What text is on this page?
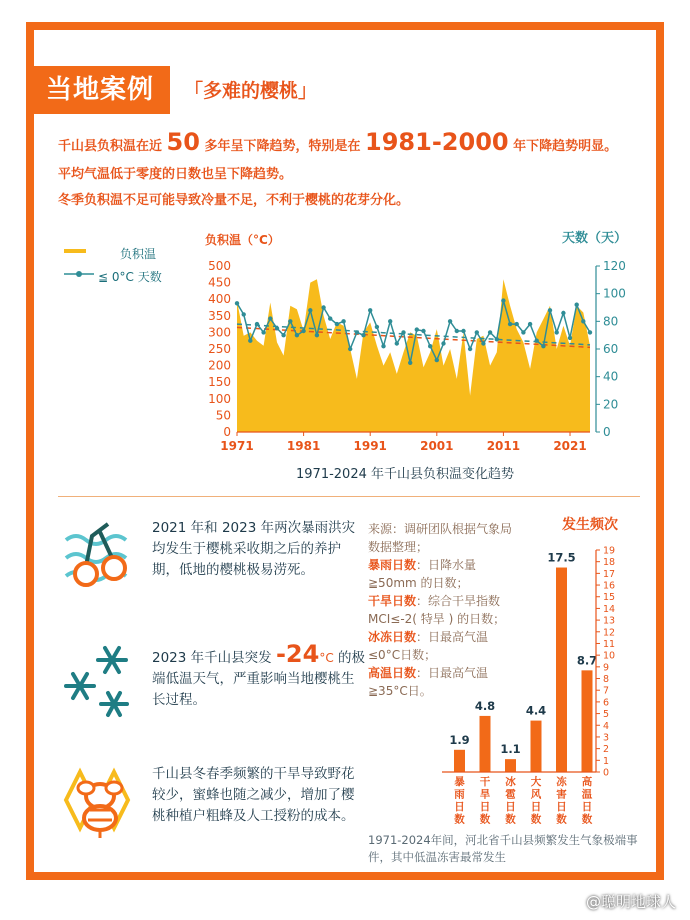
当地案例	「多难的樱桃」
千山县负积温在近 50 多年呈下降趋势，特别是在 1981-2000 年下降趋势明显。
平均气温低于零度的日数也呈下降趋势。
冬季负积温不足可能导致冷量不足，不利于樱桃的花芽分化。
负积温
≦ 0°C 天数
负积温（°C）	天数（天）
0
50
100
150
200
250
300
350
400
450
500
0
20
40
60
80
100
120
1971	1981	1991	2001	2011	2021
1971-2024 年千山县负积温变化趋势
2021 年和 2023 年两次暴雨洪灾均发生于樱桃采收期之后的养护期，低地的樱桃极易涝死。
2023 年千山县突发 -24°C 的极端低温天气，严重影响当地樱桃生长过程。
千山县冬春季频繁的干旱导致野花较少，蜜蜂也随之减少，增加了樱桃种植户粗蜂及人工授粉的成本。
来源：调研团队根据气象局数据整理；
暴雨日数：日降水量≧50mm 的日数；
干旱日数：综合干旱指数 MCI≤-2( 特旱 ) 的日数；
冰冻日数：日最高气温≤0°C日数；
高温日数：日最高气温≧35°C日。
发生频次
1.9
暴
雨
日
数
4.8
干
旱
日
数
1.1
冰
雹
日
数
4.4
大
风
日
数
17.5
冻
害
日
数
8.7
高
温
日
数
0
1
2
3
4
5
6
7
8
9
10
11
12
13
14
15
16
17
18
19
1971-2024年间，河北省千山县频繁发生气象极端事件，其中低温冻害最常发生
@聪明地球人
